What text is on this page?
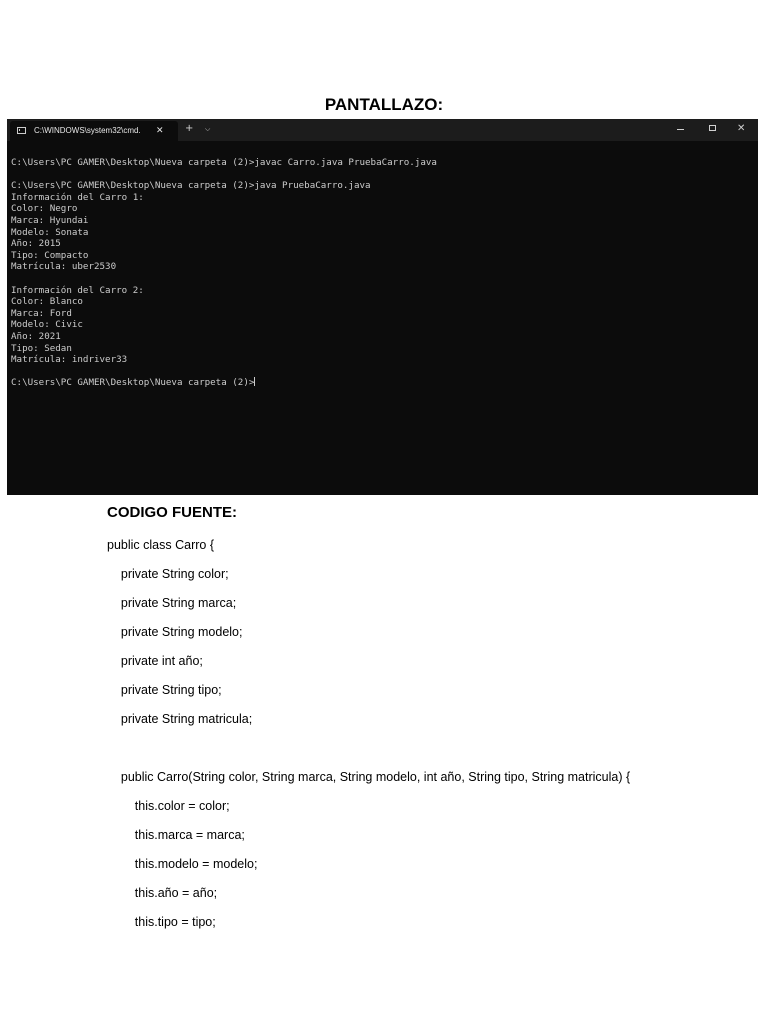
PANTALLAZO:
C:\WINDOWS\system32\cmd. ✕ + ⌵	✕
C:\Users\PC GAMER\Desktop\Nueva carpeta (2)>javac Carro.java PruebaCarro.java
C:\Users\PC GAMER\Desktop\Nueva carpeta (2)>java PruebaCarro.java
Información del Carro 1:
Color: Negro
Marca: Hyundai
Modelo: Sonata
Año: 2015
Tipo: Compacto
Matrícula: uber2530
Información del Carro 2:
Color: Blanco
Marca: Ford
Modelo: Civic
Año: 2021
Tipo: Sedan
Matrícula: indriver33
C:\Users\PC GAMER\Desktop\Nueva carpeta (2)>
CODIGO FUENTE:
public class Carro {
private String color;
private String marca;
private String modelo;
private int año;
private String tipo;
private String matricula;
public Carro(String color, String marca, String modelo, int año, String tipo, String matricula) {
this.color = color;
this.marca = marca;
this.modelo = modelo;
this.año = año;
this.tipo = tipo;
